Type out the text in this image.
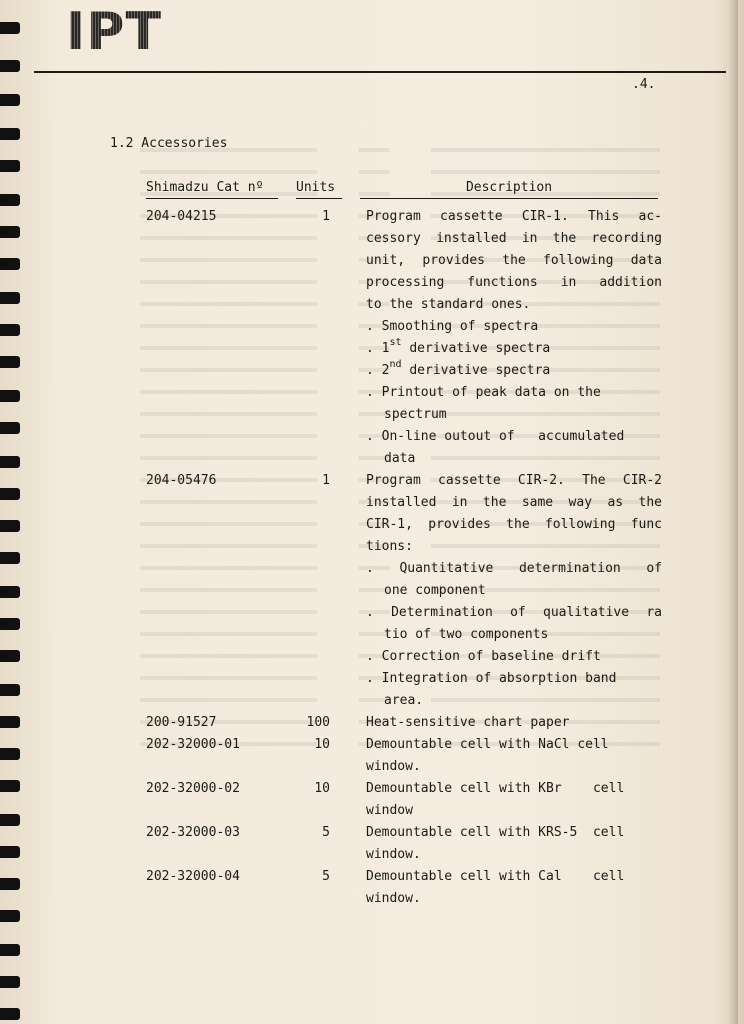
IPT
.4.
1.2 Accessories
Shimadzu Cat nº	Units	Description
204-04215	1	Program cassette CIR-1. This ac-
cessory installed in the recording
unit, provides the following data
processing functions in addition
to the standard ones.
. Smoothing of spectra
. 1st derivative spectra
. 2nd derivative spectra
. Printout of peak data on the
spectrum
. On-line outout of   accumulated
data
204-05476	1	Program cassette CIR-2. The CIR-2
installed in the same way as the
CIR-1, provides the following func
tions:
. Quantitative determination of
one component
. Determination of qualitative ra
tio of two components
. Correction of baseline drift
. Integration of absorption band
area.
200-91527	100	Heat-sensitive chart paper
202-32000-01	10	Demountable cell with NaCl cell
window.
202-32000-02	10	Demountable cell with KBr    cell
window
202-32000-03	5	Demountable cell with KRS-5  cell
window.
202-32000-04	5	Demountable cell with Cal    cell
window.
